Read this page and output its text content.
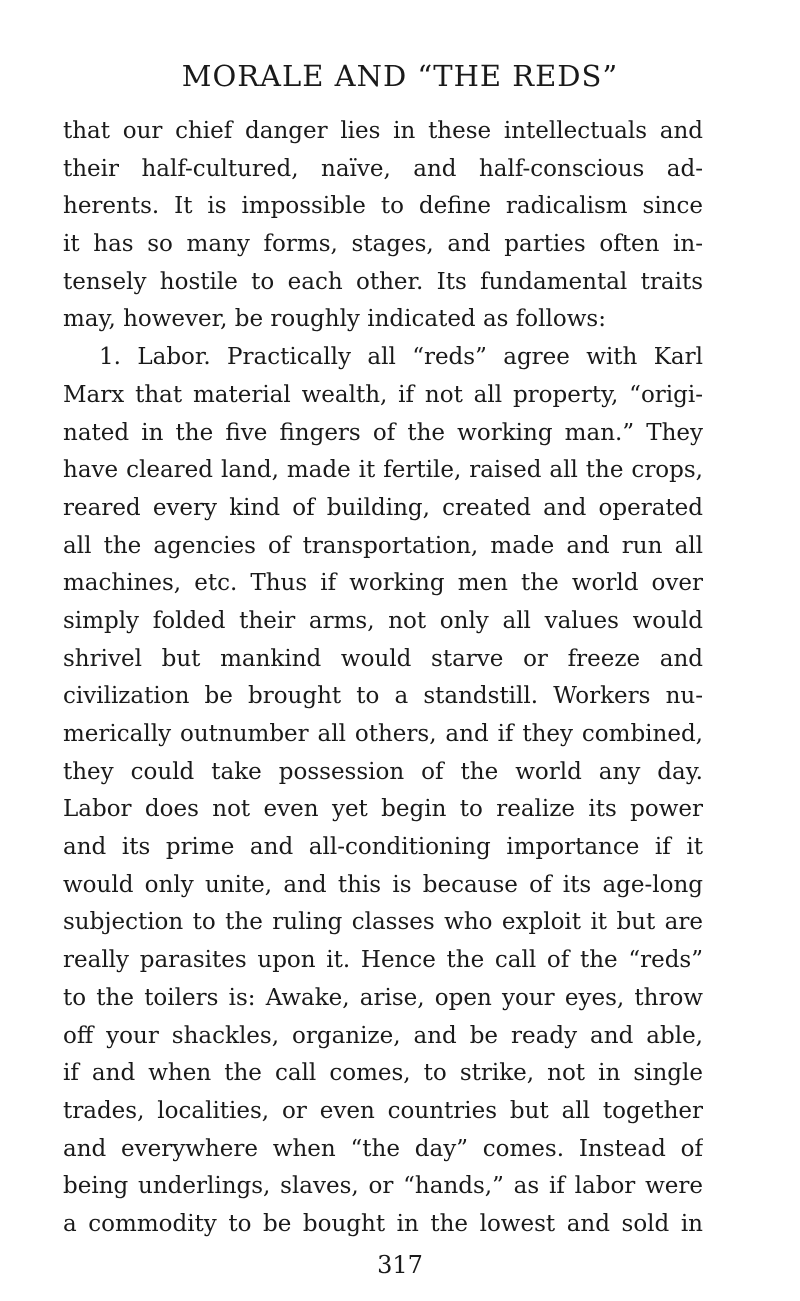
MORALE AND “THE REDS”
that our chief danger lies in these intellectuals and
their half-cultured, naïve, and half-conscious ad-
herents. It is impossible to define radicalism since
it has so many forms, stages, and parties often in-
tensely hostile to each other. Its fundamental traits
may, however, be roughly indicated as follows:
1. Labor. Practically all “reds” agree with Karl
Marx that material wealth, if not all property, “origi-
nated in the five fingers of the working man.” They
have cleared land, made it fertile, raised all the crops,
reared every kind of building, created and operated
all the agencies of transportation, made and run all
machines, etc. Thus if working men the world over
simply folded their arms, not only all values would
shrivel but mankind would starve or freeze and
civilization be brought to a standstill. Workers nu-
merically outnumber all others, and if they combined,
they could take possession of the world any day.
Labor does not even yet begin to realize its power
and its prime and all-conditioning importance if it
would only unite, and this is because of its age-long
subjection to the ruling classes who exploit it but are
really parasites upon it. Hence the call of the “reds”
to the toilers is: Awake, arise, open your eyes, throw
off your shackles, organize, and be ready and able,
if and when the call comes, to strike, not in single
trades, localities, or even countries but all together
and everywhere when “the day” comes. Instead of
being underlings, slaves, or “hands,” as if labor were
a commodity to be bought in the lowest and sold in
317
